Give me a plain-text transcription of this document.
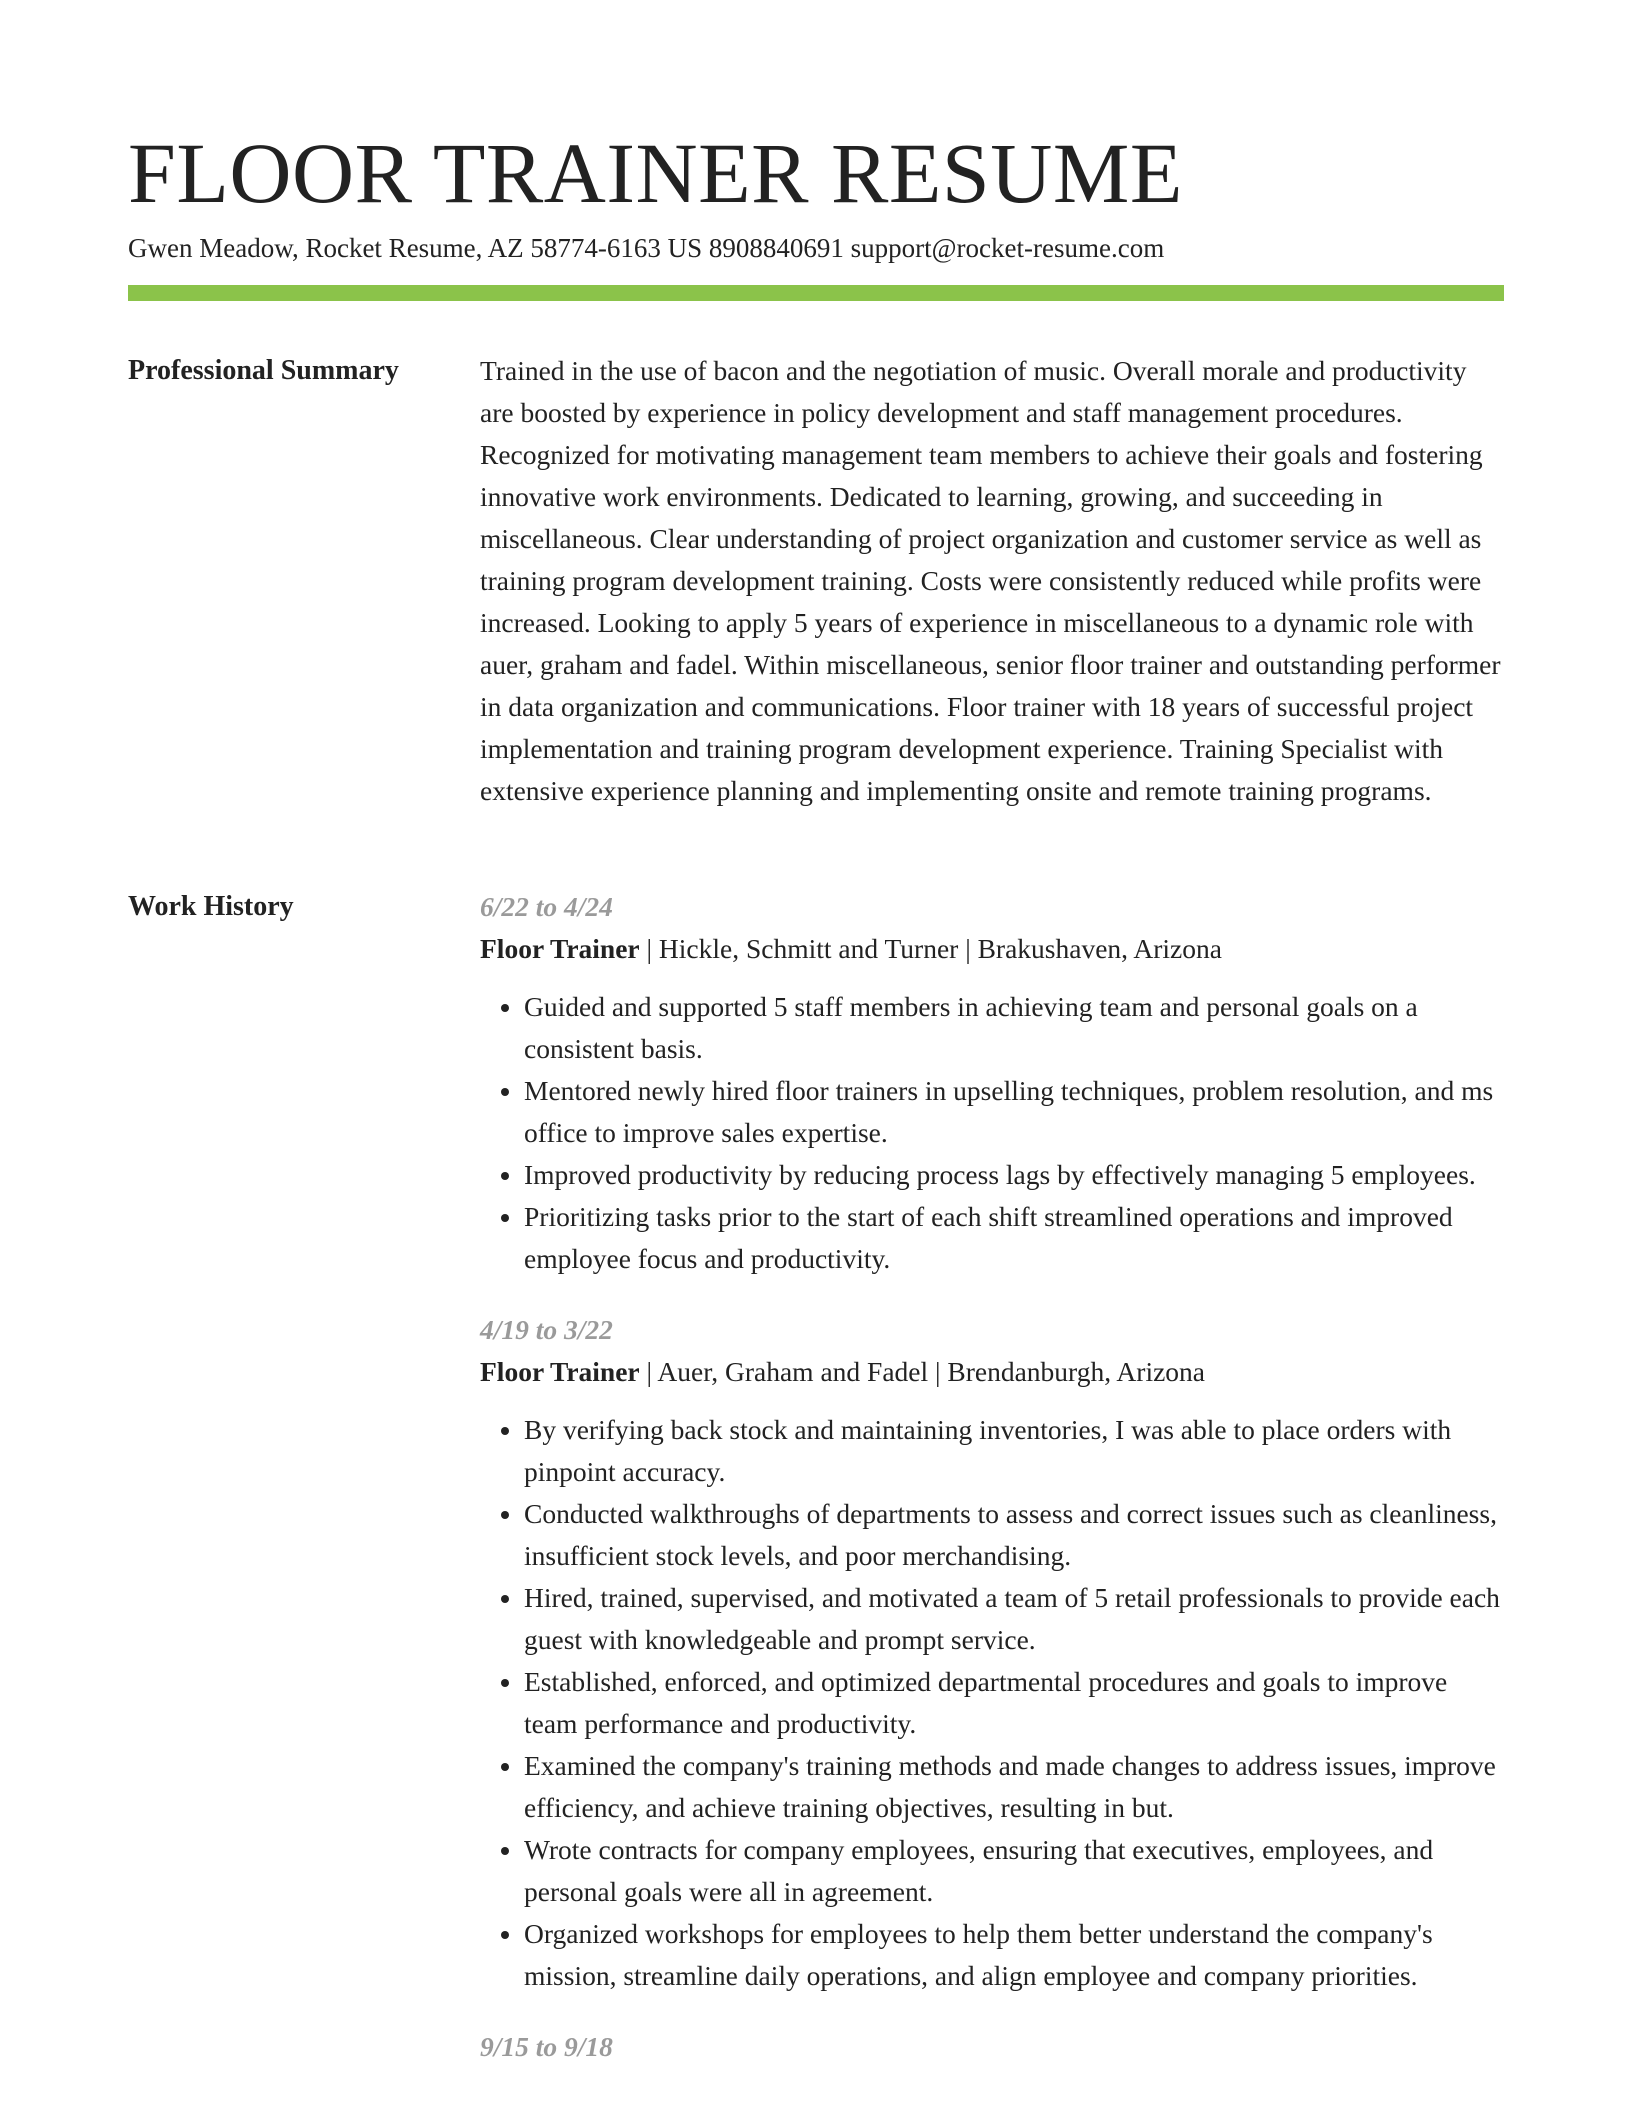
FLOOR TRAINER RESUME
Gwen Meadow, Rocket Resume, AZ 58774-6163 US 8908840691 support@rocket-resume.com
Professional Summary	Trained in the use of bacon and the negotiation of music. Overall morale and productivity are boosted by experience in policy development and staff management procedures. Recognized for motivating management team members to achieve their goals and fostering innovative work environments. Dedicated to learning, growing, and succeeding in miscellaneous. Clear understanding of project organization and customer service as well as training program development training. Costs were consistently reduced while profits were increased. Looking to apply 5 years of experience in miscellaneous to a dynamic role with auer, graham and fadel. Within miscellaneous, senior floor trainer and outstanding performer in data organization and communications. Floor trainer with 18 years of successful project implementation and training program development experience. Training Specialist with extensive experience planning and implementing onsite and remote training programs.

Work History	6/22 to 4/24
Floor Trainer | Hickle, Schmitt and Turner | Brakushaven, Arizona
• Guided and supported 5 staff members in achieving team and personal goals on a consistent basis.
• Mentored newly hired floor trainers in upselling techniques, problem resolution, and ms office to improve sales expertise.
• Improved productivity by reducing process lags by effectively managing 5 employees.
• Prioritizing tasks prior to the start of each shift streamlined operations and improved employee focus and productivity.
4/19 to 3/22
Floor Trainer | Auer, Graham and Fadel | Brendanburgh, Arizona
• By verifying back stock and maintaining inventories, I was able to place orders with pinpoint accuracy.
• Conducted walkthroughs of departments to assess and correct issues such as cleanliness, insufficient stock levels, and poor merchandising.
• Hired, trained, supervised, and motivated a team of 5 retail professionals to provide each guest with knowledgeable and prompt service.
• Established, enforced, and optimized departmental procedures and goals to improve team performance and productivity.
• Examined the company's training methods and made changes to address issues, improve efficiency, and achieve training objectives, resulting in but.
• Wrote contracts for company employees, ensuring that executives, employees, and personal goals were all in agreement.
• Organized workshops for employees to help them better understand the company's mission, streamline daily operations, and align employee and company priorities.
9/15 to 9/18
